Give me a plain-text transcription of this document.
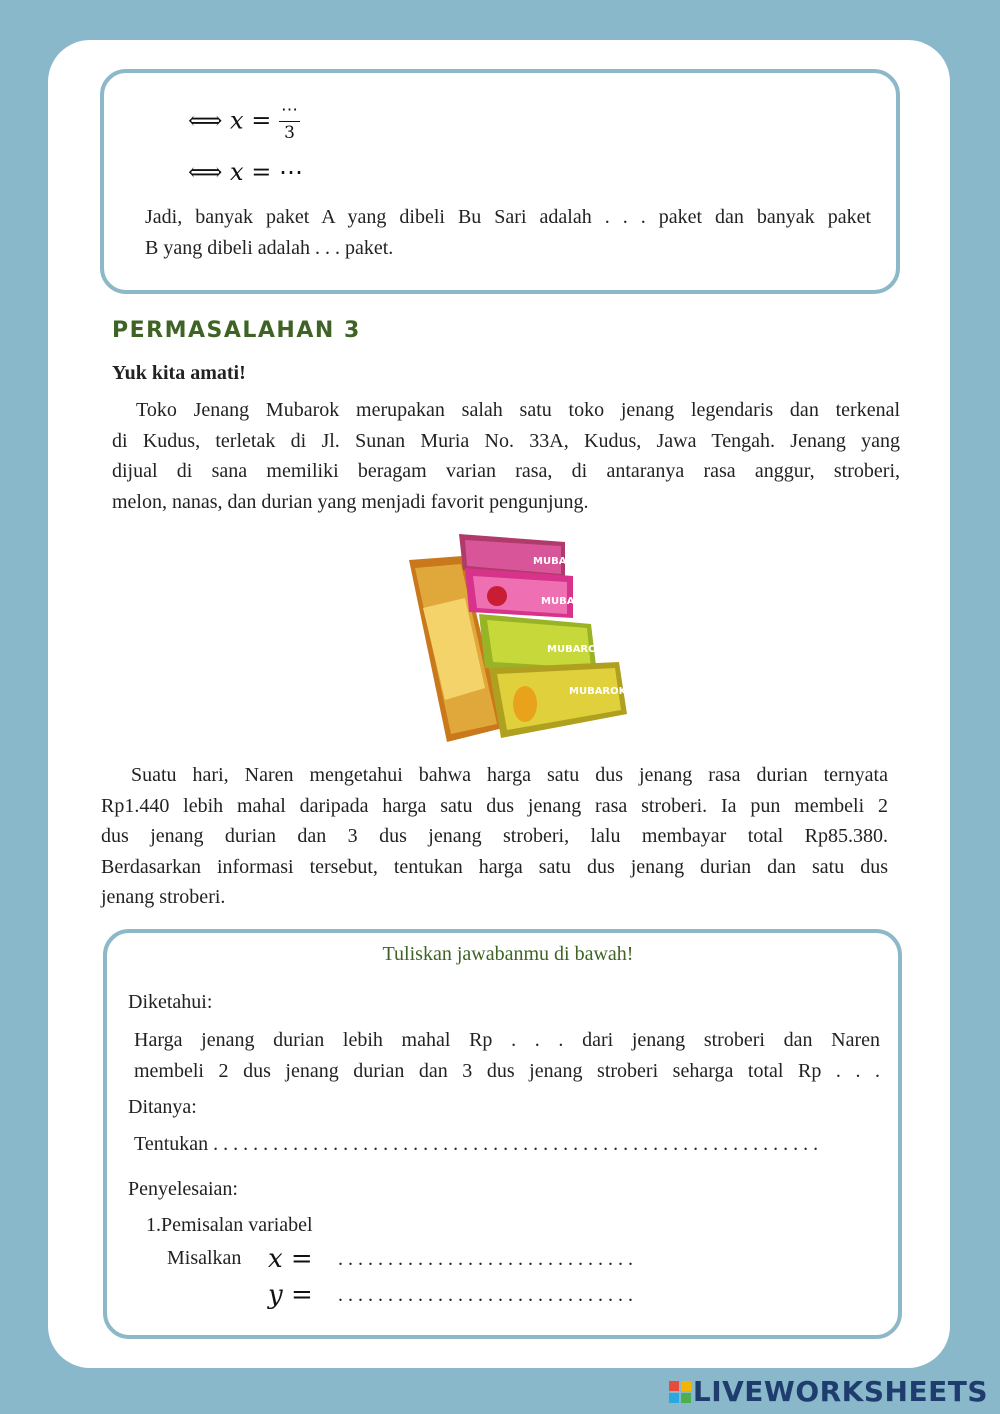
⟺ $x = \frac{\cdots}{3}$
⟺ x = ⋯
Jadi, banyak paket A yang dibeli Bu Sari adalah . . . paket dan banyak paket
B yang dibeli adalah . . . paket.
PERMASALAHAN 3
Yuk kita amati!
Toko Jenang Mubarok merupakan salah satu toko jenang legendaris dan terkenal
di Kudus, terletak di Jl. Sunan Muria No. 33A, Kudus, Jawa Tengah. Jenang yang
dijual di sana memiliki beragam varian rasa, di antaranya rasa anggur, stroberi,
melon, nanas, dan durian yang menjadi favorit pengunjung.
MUBAROK
MUBAROK
MUBAROK
MUBAROK
Suatu hari, Naren mengetahui bahwa harga satu dus jenang rasa durian ternyata
Rp1.440 lebih mahal daripada harga satu dus jenang rasa stroberi. Ia pun membeli 2
dus jenang durian dan 3 dus jenang stroberi, lalu membayar total Rp85.380.
Berdasarkan informasi tersebut, tentukan harga satu dus jenang durian dan satu dus
jenang stroberi.
Tuliskan jawabanmu di bawah!
Diketahui:
Harga jenang durian lebih mahal Rp . . . dari jenang stroberi dan Naren
membeli 2 dus jenang durian dan 3 dus jenang stroberi seharga total Rp . . .
Ditanya:
Tentukan . . . . . . . . . . . . . . . . . . . . . . . . . . . . . . . . . . . . . . . . . . . . . . . . . . . . . . . . . . . . .
Penyelesaian:
1.Pemisalan variabel
Misalkan x = . . . . . . . . . . . . . . . . . . . . . . . . . . . . . .
y = . . . . . . . . . . . . . . . . . . . . . . . . . . . . . .
LIVEWORKSHEETS
